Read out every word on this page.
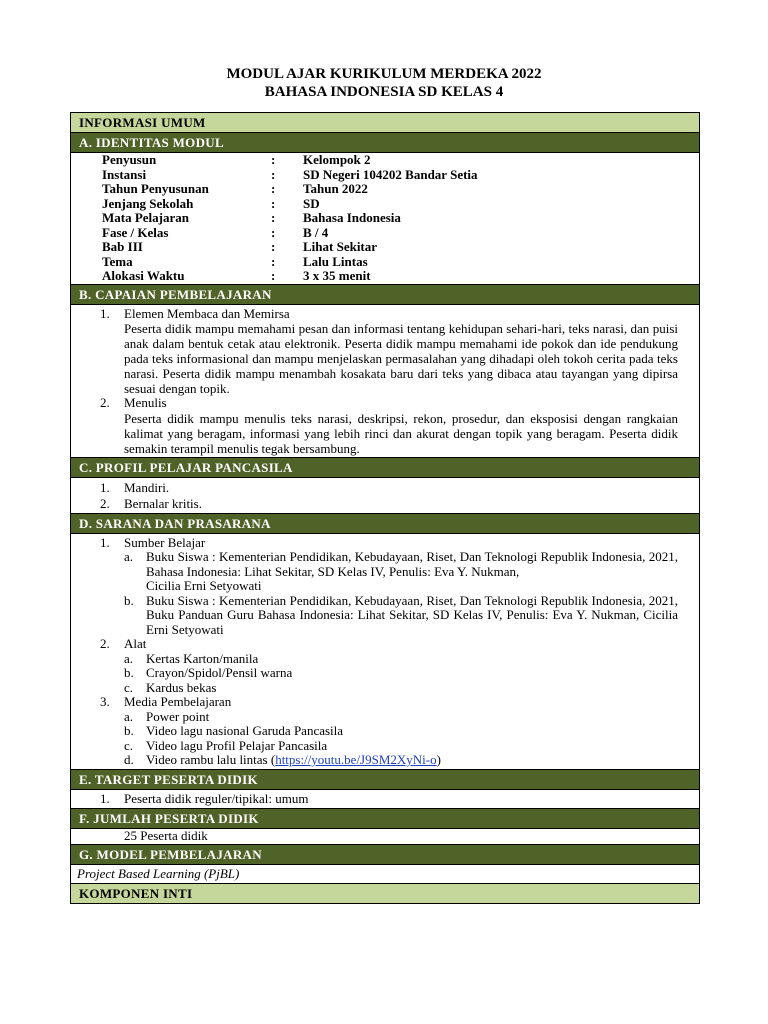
MODUL AJAR KURIKULUM MERDEKA 2022
BAHASA INDONESIA SD KELAS 4
INFORMASI UMUM
A. IDENTITAS MODUL
Penyusun	:	Kelompok 2
Instansi	:	SD Negeri 104202 Bandar Setia
Tahun Penyusunan	:	Tahun 2022
Jenjang Sekolah	:	SD
Mata Pelajaran	:	Bahasa Indonesia
Fase / Kelas	:	B / 4
Bab III	:	Lihat Sekitar
Tema	:	Lalu Lintas
Alokasi Waktu	:	3 x 35 menit
B. CAPAIAN PEMBELAJARAN
1.	Elemen Membaca dan Memirsa
Peserta didik mampu memahami pesan dan informasi tentang kehidupan sehari-hari, teks narasi, dan puisi anak dalam bentuk cetak atau elektronik. Peserta didik mampu memahami ide pokok dan ide pendukung pada teks informasional dan mampu menjelaskan permasalahan yang dihadapi oleh tokoh cerita pada teks narasi. Peserta didik mampu menambah kosakata baru dari teks yang dibaca atau tayangan yang dipirsa sesuai dengan topik.
2.	Menulis
Peserta didik mampu menulis teks narasi, deskripsi, rekon, prosedur, dan eksposisi dengan rangkaian kalimat yang beragam, informasi yang lebih rinci dan akurat dengan topik yang beragam. Peserta didik semakin terampil menulis tegak bersambung.
C. PROFIL PELAJAR PANCASILA
1.	Mandiri.
2.	Bernalar kritis.
D. SARANA DAN PRASARANA
1.	Sumber Belajar
a. Buku Siswa : Kementerian Pendidikan, Kebudayaan, Riset, Dan Teknologi Republik Indonesia, 2021, Bahasa Indonesia: Lihat Sekitar, SD Kelas IV, Penulis: Eva Y. Nukman,
Cicilia Erni Setyowati
b. Buku Siswa : Kementerian Pendidikan, Kebudayaan, Riset, Dan Teknologi Republik Indonesia, 2021, Buku Panduan Guru Bahasa Indonesia: Lihat Sekitar, SD Kelas IV, Penulis: Eva Y. Nukman, Cicilia Erni Setyowati
2.	Alat
a. Kertas Karton/manila
b. Crayon/Spidol/Pensil warna
c. Kardus bekas
3.	Media Pembelajaran
a. Power point
b. Video lagu nasional Garuda Pancasila
c. Video lagu Profil Pelajar Pancasila
d. Video rambu lalu lintas (https://youtu.be/J9SM2XyNi-o)
E. TARGET PESERTA DIDIK
1.	Peserta didik reguler/tipikal: umum
F. JUMLAH PESERTA DIDIK
25 Peserta didik
G. MODEL PEMBELAJARAN
Project Based Learning (PjBL)
KOMPONEN INTI
